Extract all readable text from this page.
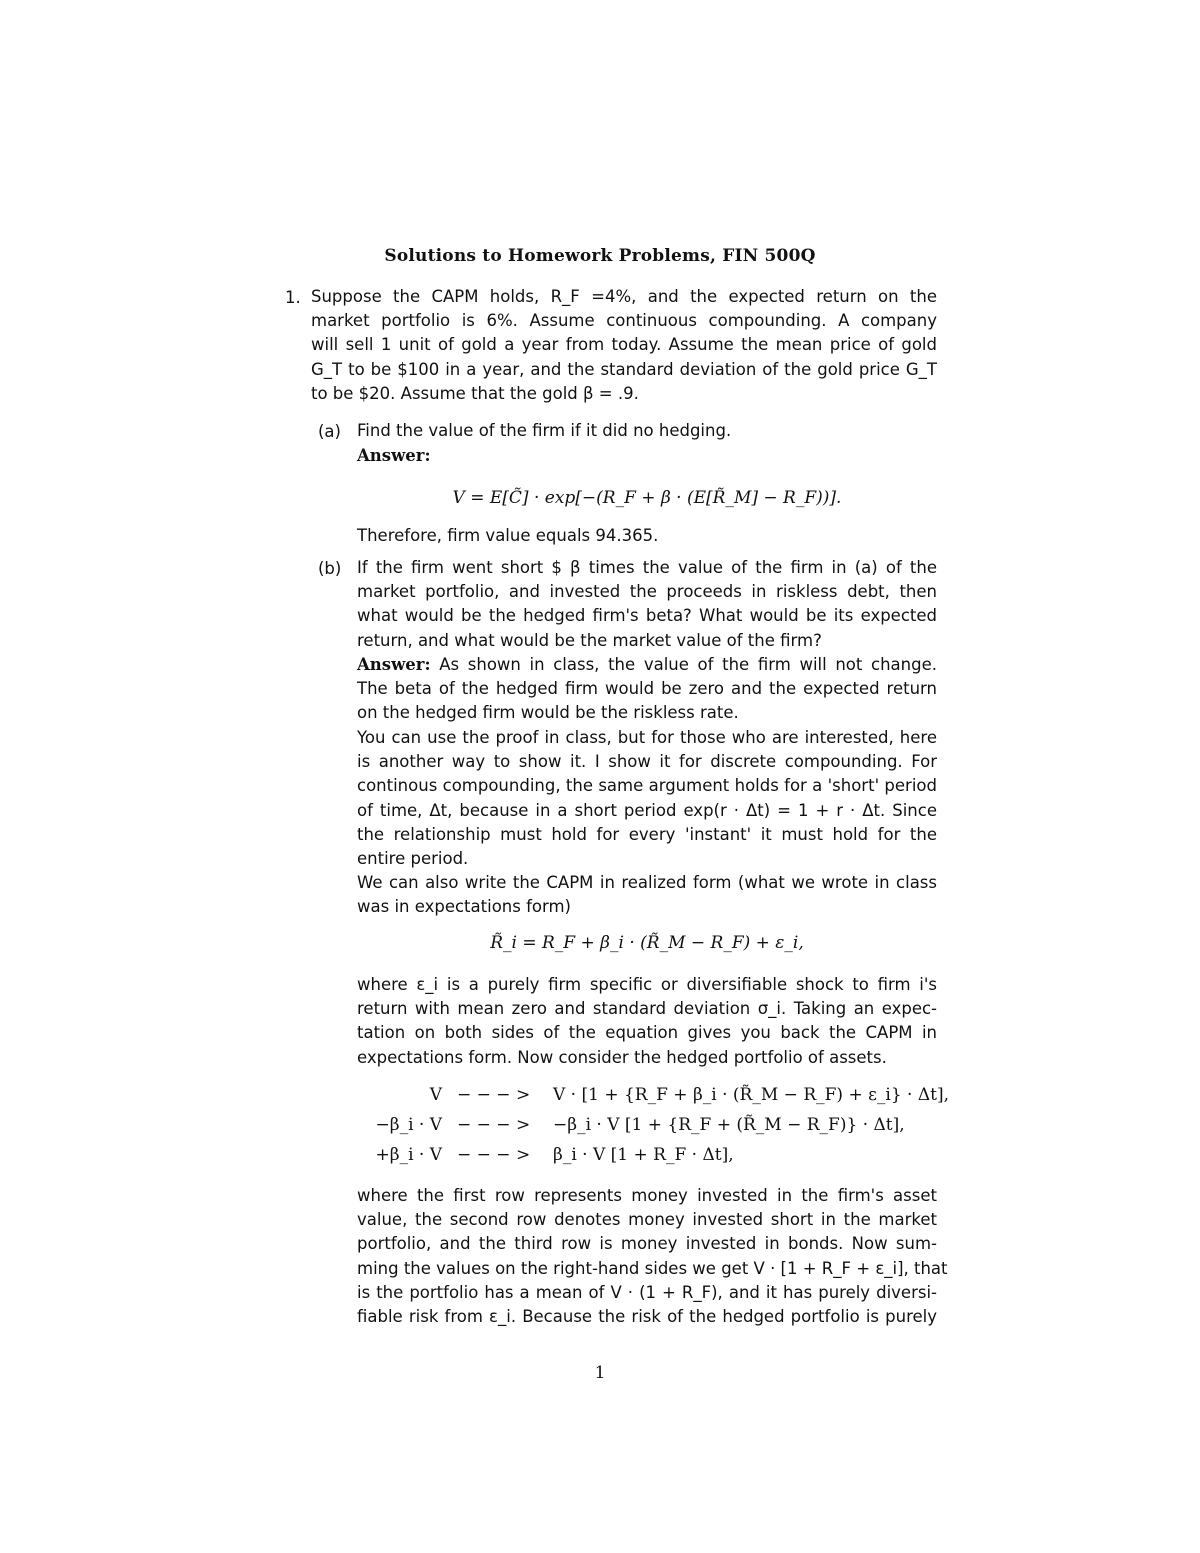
Solutions to Homework Problems, FIN 500Q
1. Suppose the CAPM holds, R_F =4%, and the expected return on the
market portfolio is 6%. Assume continuous compounding. A company
will sell 1 unit of gold a year from today. Assume the mean price of gold
G_T to be $100 in a year, and the standard deviation of the gold price G_T
to be $20. Assume that the gold β = .9.
(a) Find the value of the firm if it did no hedging.
Answer:
V = E[C̃] · exp[−(R_F + β · (E[R̃_M] − R_F))].
Therefore, firm value equals 94.365.
(b) If the firm went short $ β times the value of the firm in (a) of the
market portfolio, and invested the proceeds in riskless debt, then
what would be the hedged firm's beta? What would be its expected
return, and what would be the market value of the firm?
Answer: As shown in class, the value of the firm will not change.
The beta of the hedged firm would be zero and the expected return
on the hedged firm would be the riskless rate.
You can use the proof in class, but for those who are interested, here
is another way to show it. I show it for discrete compounding. For
continous compounding, the same argument holds for a 'short' period
of time, Δt, because in a short period exp(r · Δt) = 1 + r · Δt. Since
the relationship must hold for every 'instant' it must hold for the
entire period.
We can also write the CAPM in realized form (what we wrote in class
was in expectations form)
R̃_i = R_F + β_i · (R̃_M − R_F) + ε_i,
where ε_i is a purely firm specific or diversifiable shock to firm i's
return with mean zero and standard deviation σ_i. Taking an expec-
tation on both sides of the equation gives you back the CAPM in
expectations form. Now consider the hedged portfolio of assets.
V − − − > V · [1 + {R_F + β_i · (R̃_M − R_F) + ε_i} · Δt],
−β_i · V − − − > −β_i · V [1 + {R_F + (R̃_M − R_F)} · Δt],
+β_i · V − − − > β_i · V [1 + R_F · Δt],
where the first row represents money invested in the firm's asset
value, the second row denotes money invested short in the market
portfolio, and the third row is money invested in bonds. Now sum-
ming the values on the right-hand sides we get V · [1 + R_F + ε_i], that
is the portfolio has a mean of V · (1 + R_F), and it has purely diversi-
fiable risk from ε_i. Because the risk of the hedged portfolio is purely
1
